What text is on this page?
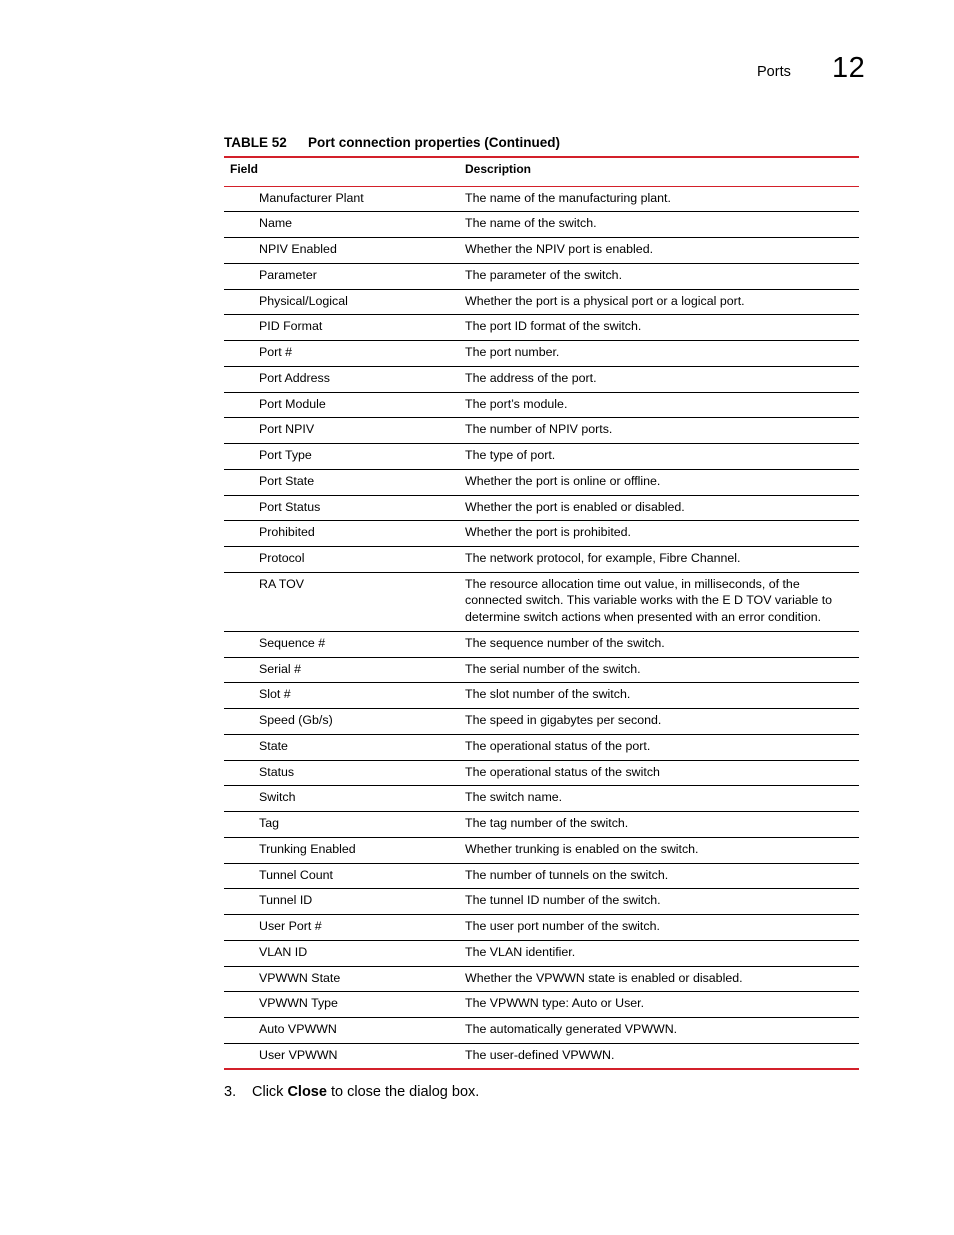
Ports 12
TABLE 52 Port connection properties (Continued)
Field	Description
Manufacturer Plant	The name of the manufacturing plant.
Name	The name of the switch.
NPIV Enabled	Whether the NPIV port is enabled.
Parameter	The parameter of the switch.
Physical/Logical	Whether the port is a physical port or a logical port.
PID Format	The port ID format of the switch.
Port #	The port number.
Port Address	The address of the port.
Port Module	The port’s module.
Port NPIV	The number of NPIV ports.
Port Type	The type of port.
Port State	Whether the port is online or offline.
Port Status	Whether the port is enabled or disabled.
Prohibited	Whether the port is prohibited.
Protocol	The network protocol, for example, Fibre Channel.
RA TOV	The resource allocation time out value, in milliseconds, of the connected switch. This variable works with the E D TOV variable to determine switch actions when presented with an error condition.
Sequence #	The sequence number of the switch.
Serial #	The serial number of the switch.
Slot #	The slot number of the switch.
Speed (Gb/s)	The speed in gigabytes per second.
State	The operational status of the port.
Status	The operational status of the switch
Switch	The switch name.
Tag	The tag number of the switch.
Trunking Enabled	Whether trunking is enabled on the switch.
Tunnel Count	The number of tunnels on the switch.
Tunnel ID	The tunnel ID number of the switch.
User Port #	The user port number of the switch.
VLAN ID	The VLAN identifier.
VPWWN State	Whether the VPWWN state is enabled or disabled.
VPWWN Type	The VPWWN type: Auto or User.
Auto VPWWN	The automatically generated VPWWN.
User VPWWN	The user-defined VPWWN.
3. Click Close to close the dialog box.
